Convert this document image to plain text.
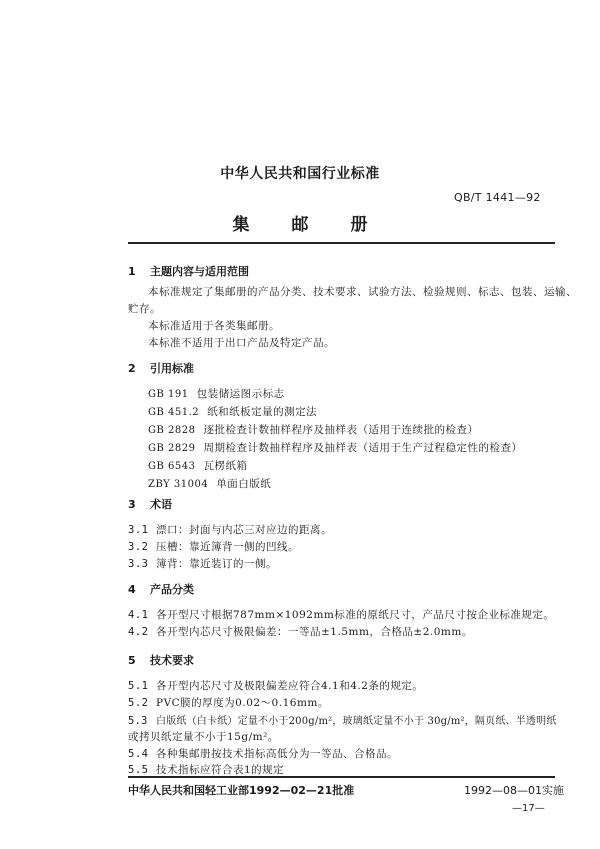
中华人民共和国行业标准
QB/T 1441—92
集 邮 册
1 主题内容与适用范围
本标准规定了集邮册的产品分类、技术要求、试验方法、检验规则、标志、包装、运输、
贮存。
本标准适用于各类集邮册。
本标准不适用于出口产品及特定产品。
2 引用标准
GB 191 包装储运图示标志
GB 451.2 纸和纸板定量的测定法
GB 2828 逐批检查计数抽样程序及抽样表（适用于连续批的检查）
GB 2829 周期检查计数抽样程序及抽样表（适用于生产过程稳定性的检查）
GB 6543 瓦楞纸箱
ZBY 31004 单面白版纸
3 术语
3.1 漂口：封面与内芯三对应边的距离。
3.2 压槽：靠近簿背一侧的凹线。
3.3 簿背：靠近装订的一侧。
4 产品分类
4.1 各开型尺寸根据787mm×1092mm标准的原纸尺寸，产品尺寸按企业标准规定。
4.2 各开型内芯尺寸极限偏差：一等品±1.5mm，合格品±2.0mm。
5 技术要求
5.1 各开型内芯尺寸及极限偏差应符合4.1和4.2条的规定。
5.2 PVC膜的厚度为0.02～0.16mm。
5.3 白版纸（白卡纸）定量不小于200g/m²，玻璃纸定量不小于 30g/m²，隔页纸、半透明纸
或拷贝纸定量不小于15g/m²。
5.4 各种集邮册按技术指标高低分为一等品、合格品。
5.5 技术指标应符合表1的规定
中华人民共和国轻工业部1992—02—21批准	1992—08—01实施
—17—
